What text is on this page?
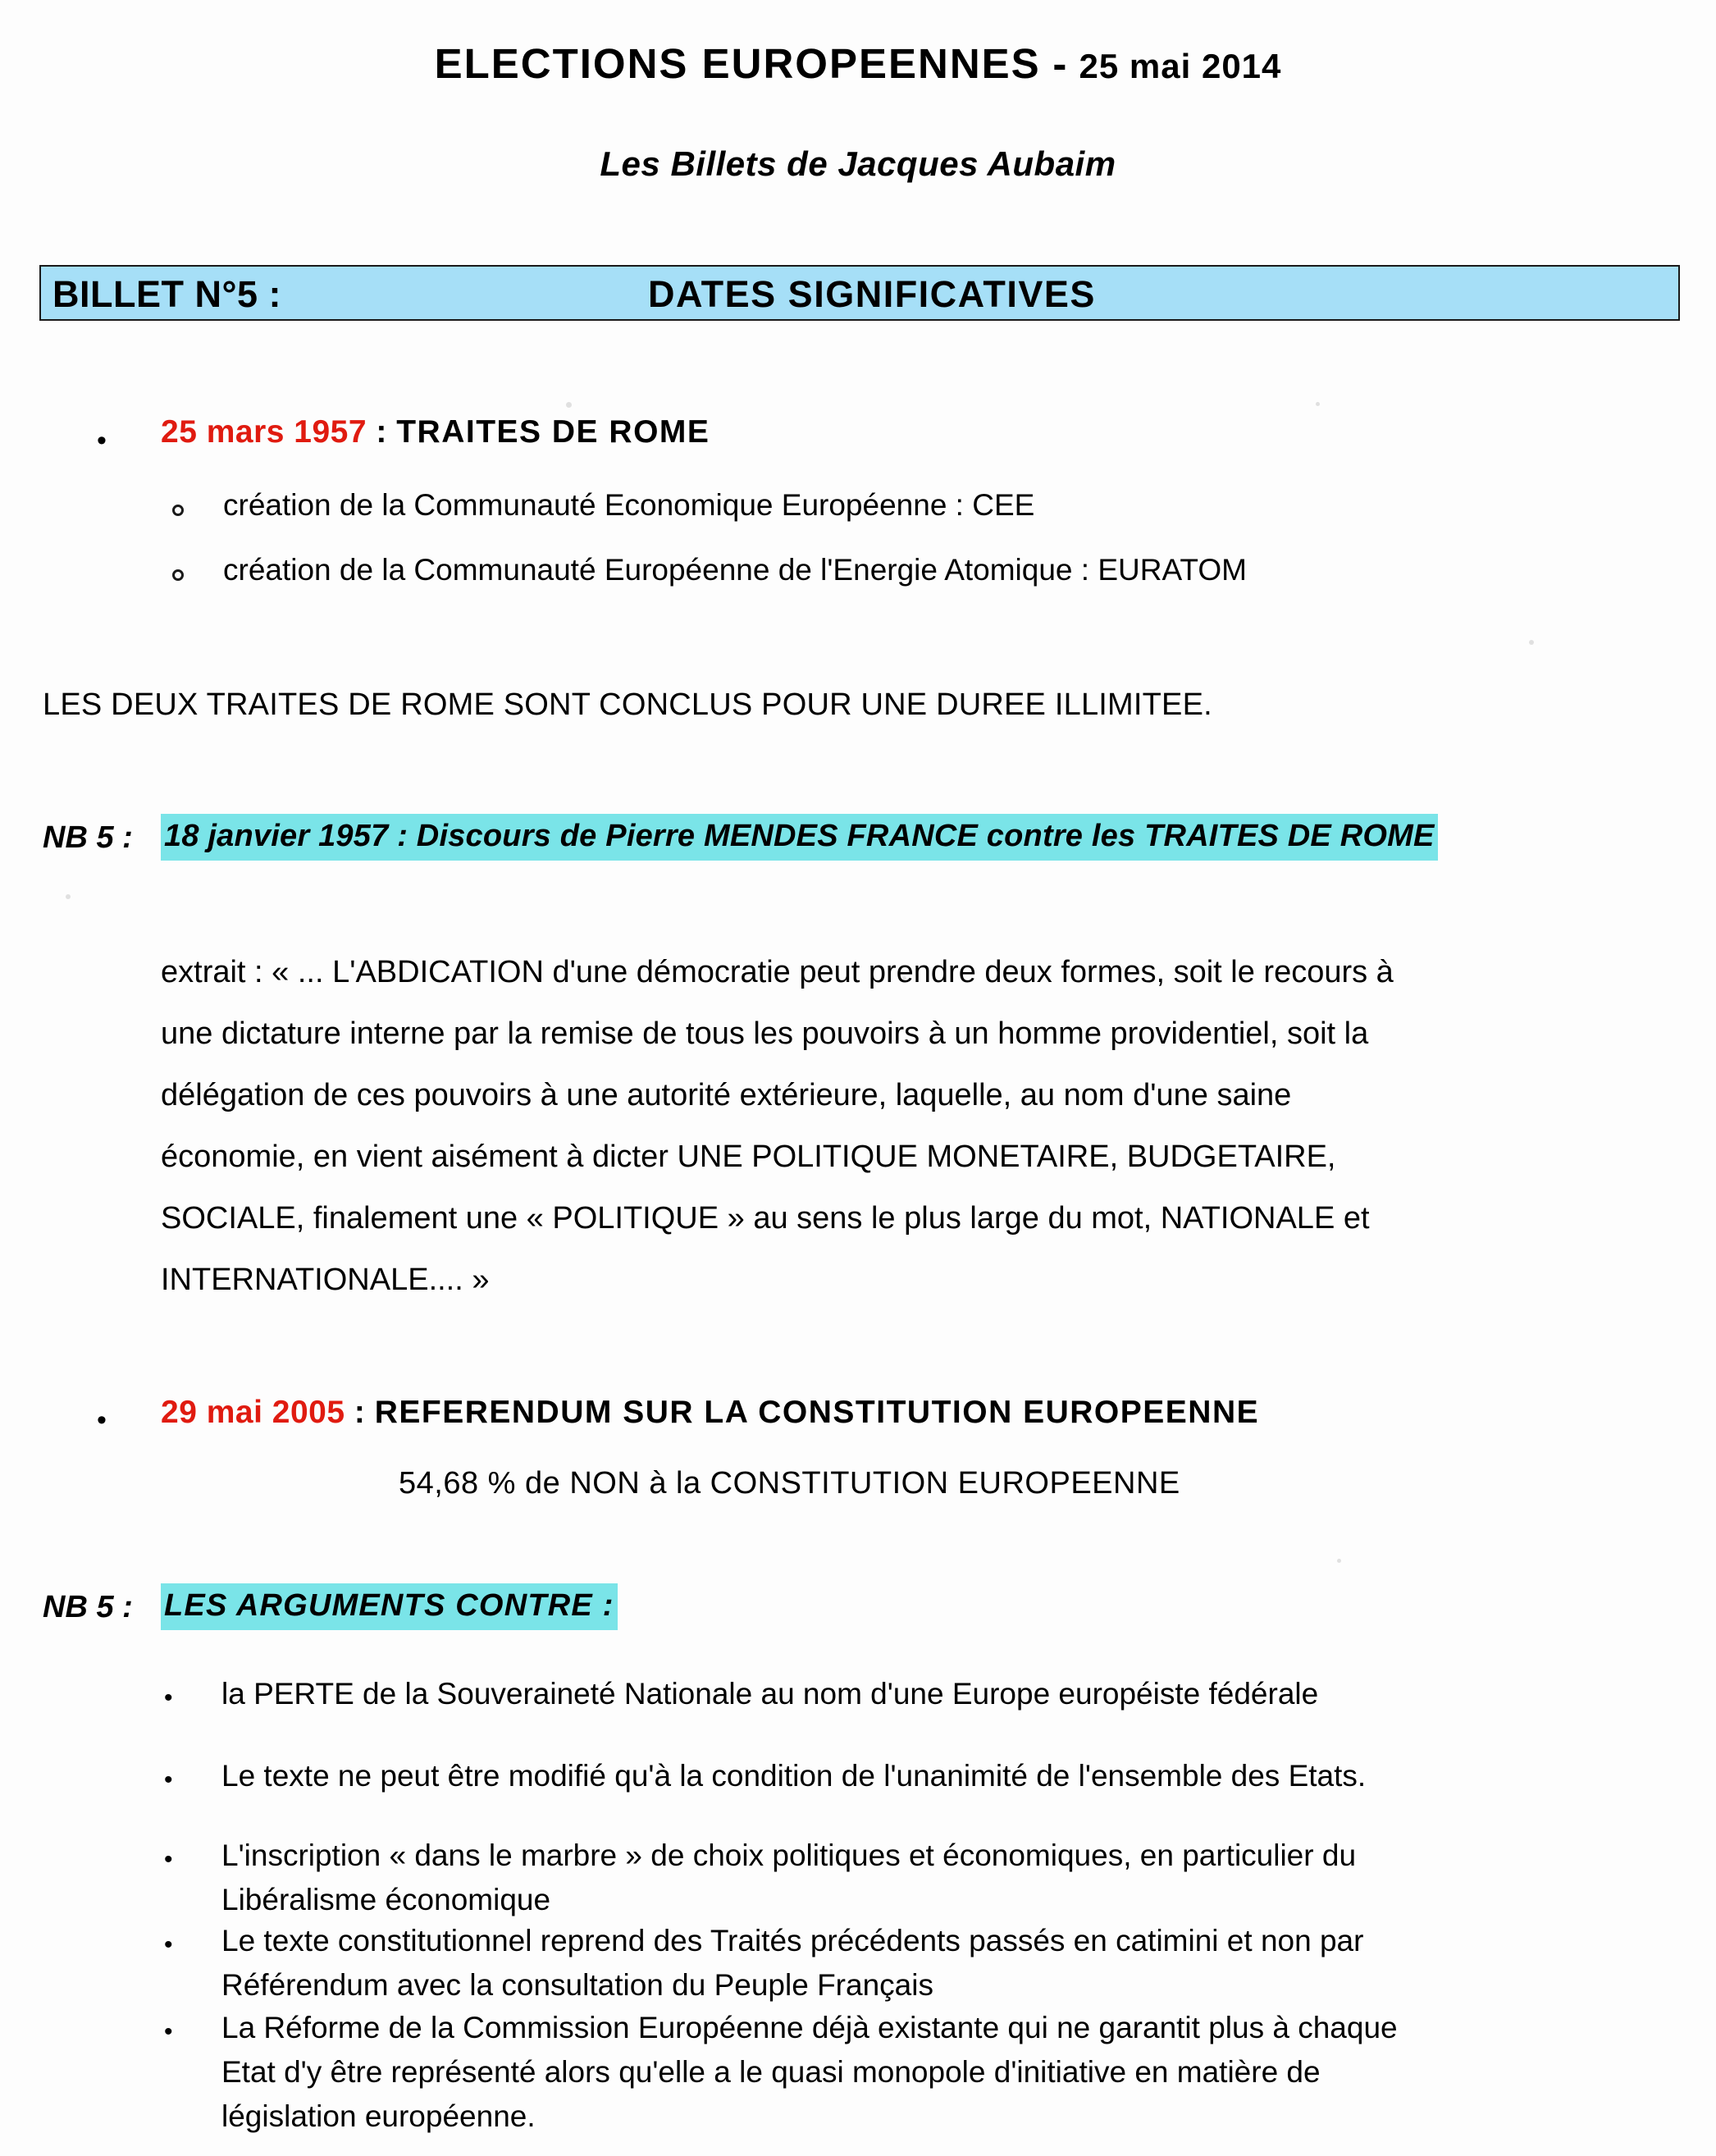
ELECTIONS EUROPEENNES - 25 mai 2014
Les Billets de Jacques Aubaim
BILLET N°5 :	DATES SIGNIFICATIVES
• 25 mars 1957 : TRAITES DE ROME
création de la Communauté Economique Européenne : CEE
création de la Communauté Européenne de l'Energie Atomique : EURATOM
LES DEUX TRAITES DE ROME SONT CONCLUS POUR UNE DUREE ILLIMITEE.
NB 5 : 18 janvier 1957 : Discours de Pierre MENDES FRANCE contre les TRAITES DE ROME
extrait : « ... L'ABDICATION d'une démocratie peut prendre deux formes, soit le recours à
une dictature interne par la remise de tous les pouvoirs à un homme providentiel, soit la
délégation de ces pouvoirs à une autorité extérieure, laquelle, au nom d'une saine
économie, en vient aisément à dicter UNE POLITIQUE MONETAIRE, BUDGETAIRE,
SOCIALE, finalement une « POLITIQUE » au sens le plus large du mot, NATIONALE et
INTERNATIONALE.... »
• 29 mai 2005 : REFERENDUM SUR LA CONSTITUTION EUROPEENNE
54,68 % de NON à la CONSTITUTION EUROPEENNE
NB 5 : LES ARGUMENTS CONTRE :
• la PERTE de la Souveraineté Nationale au nom d'une Europe européiste fédérale
• Le texte ne peut être modifié qu'à la condition de l'unanimité de l'ensemble des Etats.
• L'inscription « dans le marbre » de choix politiques et économiques, en particulier du
Libéralisme économique
• Le texte constitutionnel reprend des Traités précédents passés en catimini et non par
Référendum avec la consultation du Peuple Français
• La Réforme de la Commission Européenne déjà existante qui ne garantit plus à chaque
Etat d'y être représenté alors qu'elle a le quasi monopole d'initiative en matière de
législation européenne.
